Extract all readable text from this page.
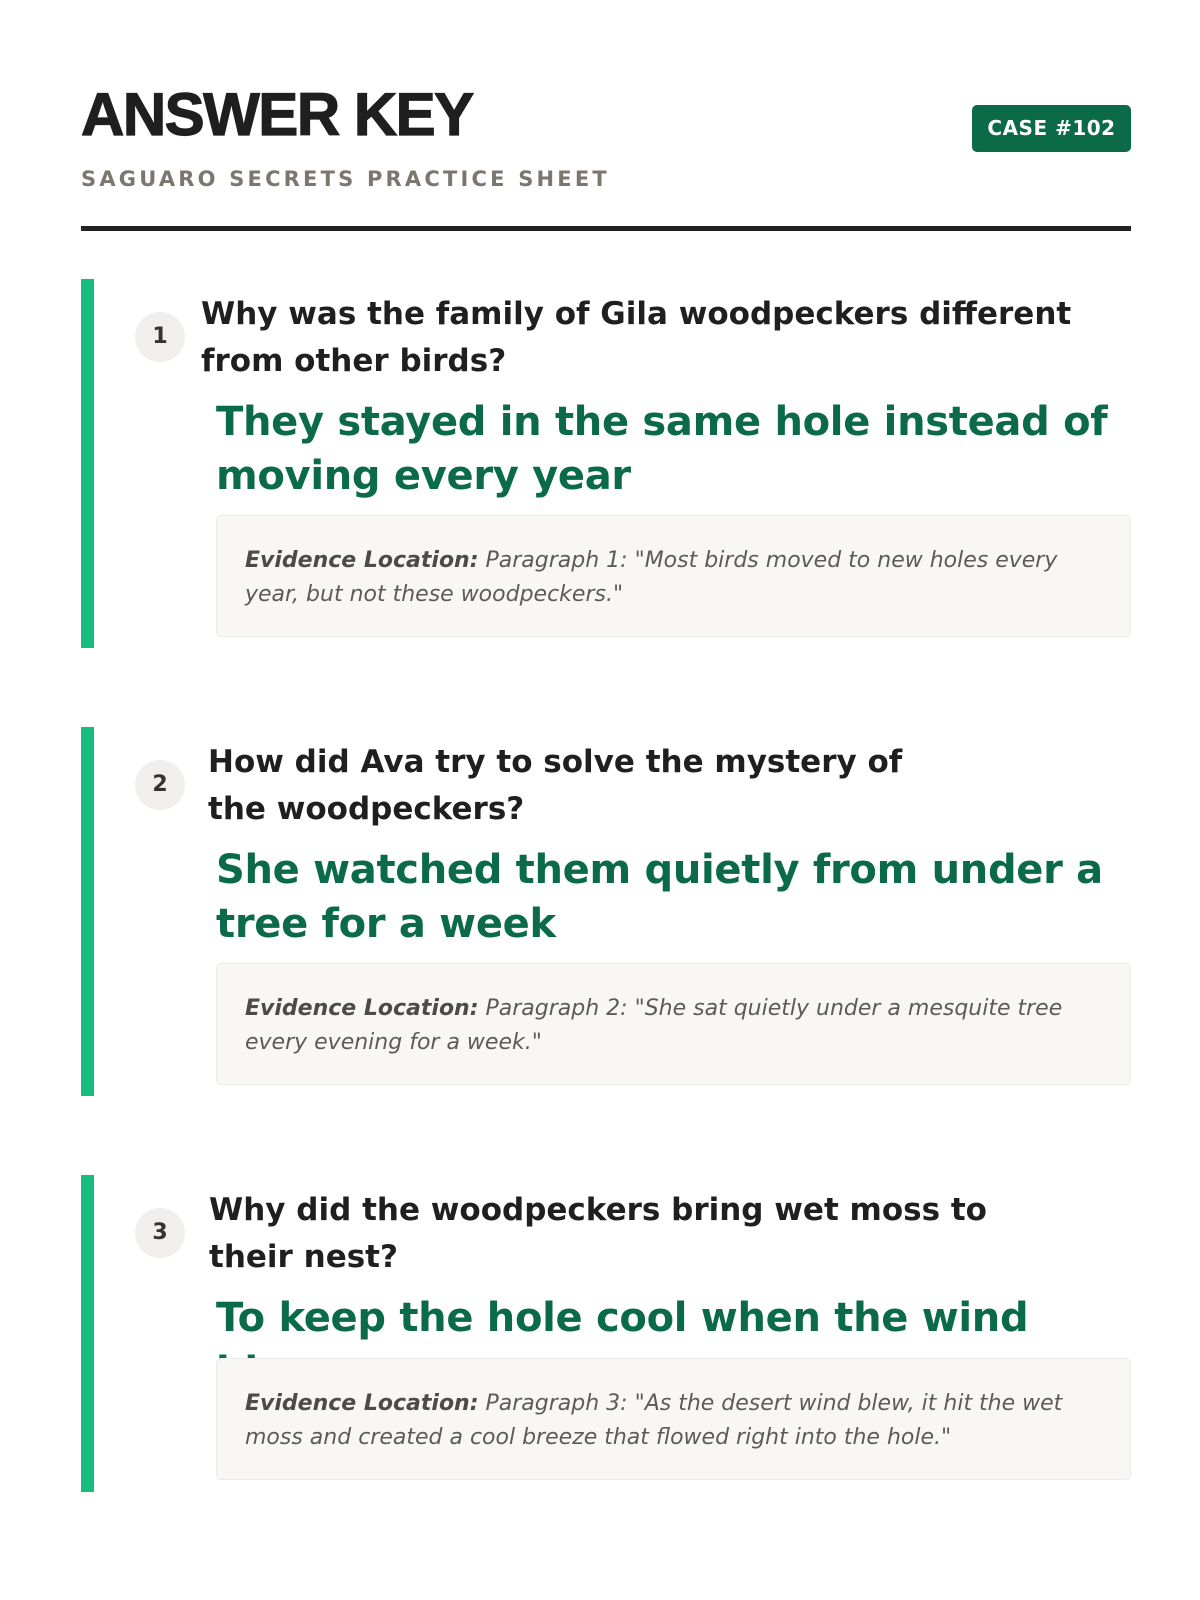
ANSWER KEY

SAGUARO SECRETS PRACTICE SHEET

CASE #102
1

Why was the family of Gila woodpeckers different from other birds?

They stayed in the same hole instead of moving every year

Evidence Location: Paragraph 1: "Most birds moved to new holes every year, but not these woodpeckers."
2

How did Ava try to solve the mystery of the woodpeckers?

She watched them quietly from under a tree for a week

Evidence Location: Paragraph 2: "She sat quietly under a mesquite tree every evening for a week."
3

Why did the woodpeckers bring wet moss to their nest?

To keep the hole cool when the wind

Evidence Location: Paragraph 3: "As the desert wind blew, it hit the wet moss and created a cool breeze that flowed right into the hole."
